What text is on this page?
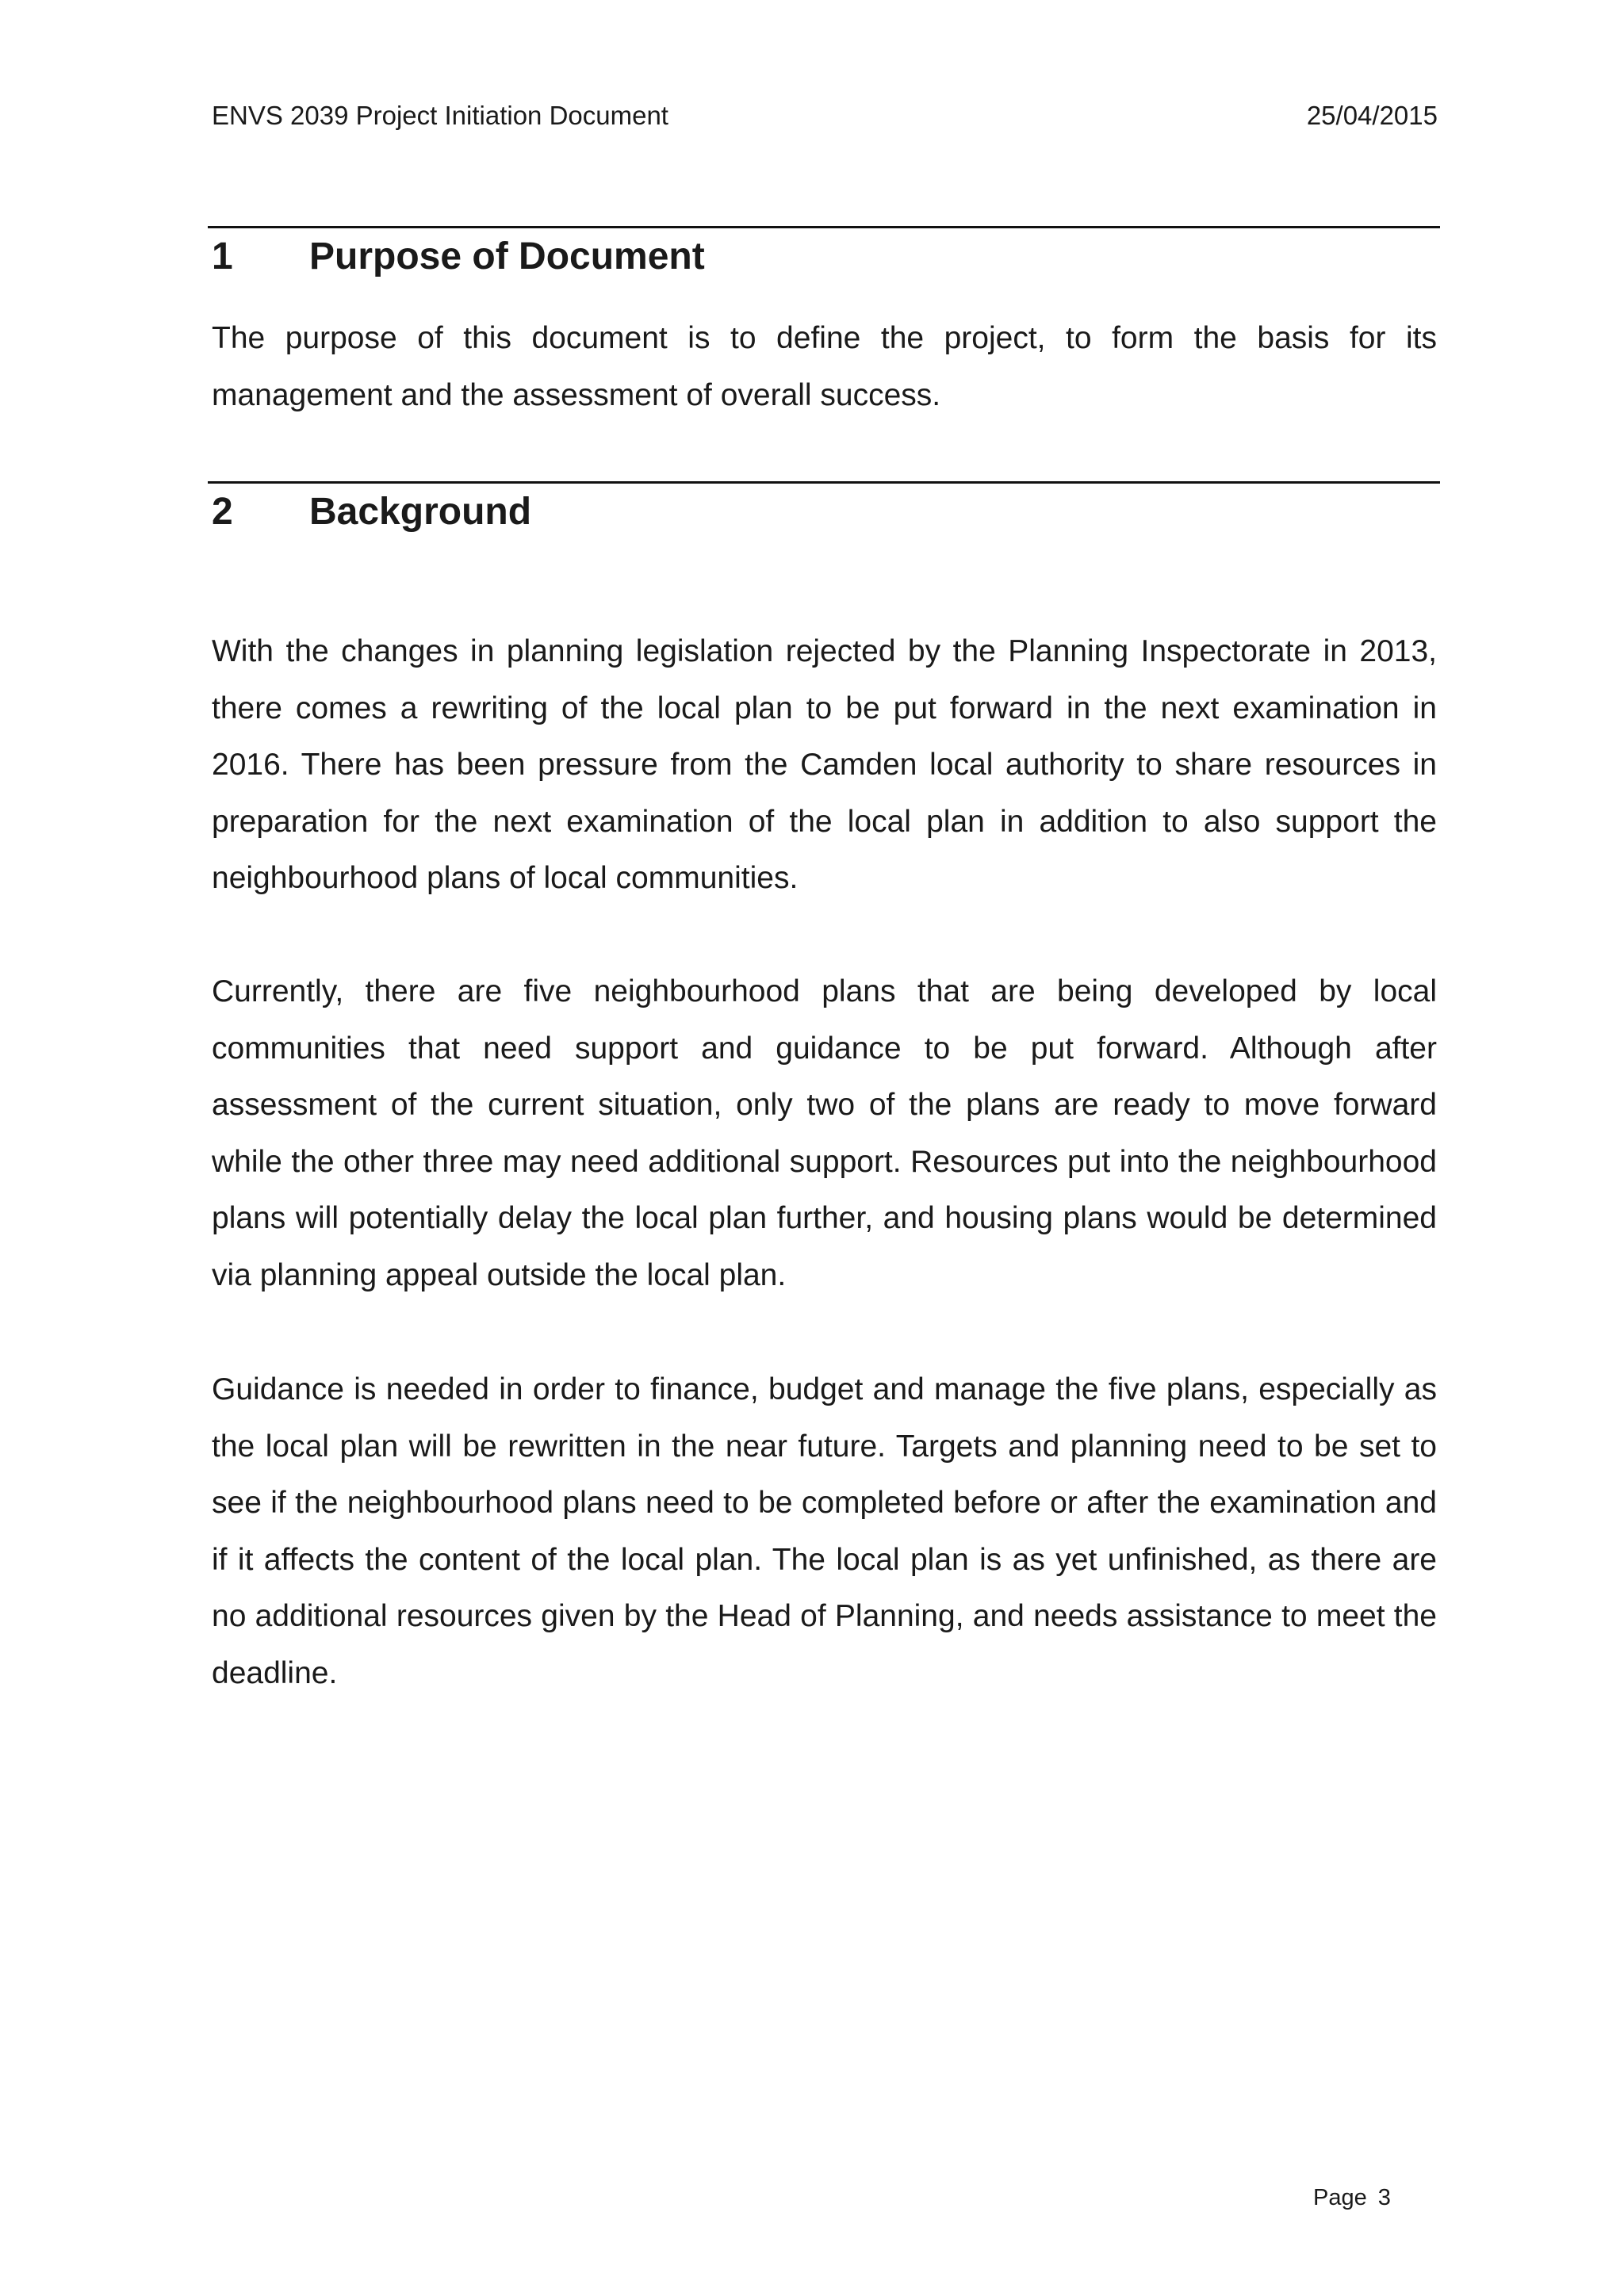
ENVS 2039 Project Initiation Document	25/04/2015
1 Purpose of Document

The purpose of this document is to define the project, to form the basis for its management and the assessment of overall success.

2 Background

With the changes in planning legislation rejected by the Planning Inspectorate in 2013, there comes a rewriting of the local plan to be put forward in the next examination in 2016. There has been pressure from the Camden local authority to share resources in preparation for the next examination of the local plan in addition to also support the neighbourhood plans of local communities.

Currently, there are five neighbourhood plans that are being developed by local communities that need support and guidance to be put forward. Although after assessment of the current situation, only two of the plans are ready to move forward while the other three may need additional support. Resources put into the neighbourhood plans will potentially delay the local plan further, and housing plans would be determined via planning appeal outside the local plan.

Guidance is needed in order to finance, budget and manage the five plans, especially as the local plan will be rewritten in the near future. Targets and planning need to be set to see if the neighbourhood plans need to be completed before or after the examination and if it affects the content of the local plan. The local plan is as yet unfinished, as there are no additional resources given by the Head of Planning, and needs assistance to meet the deadline.

Page 3
